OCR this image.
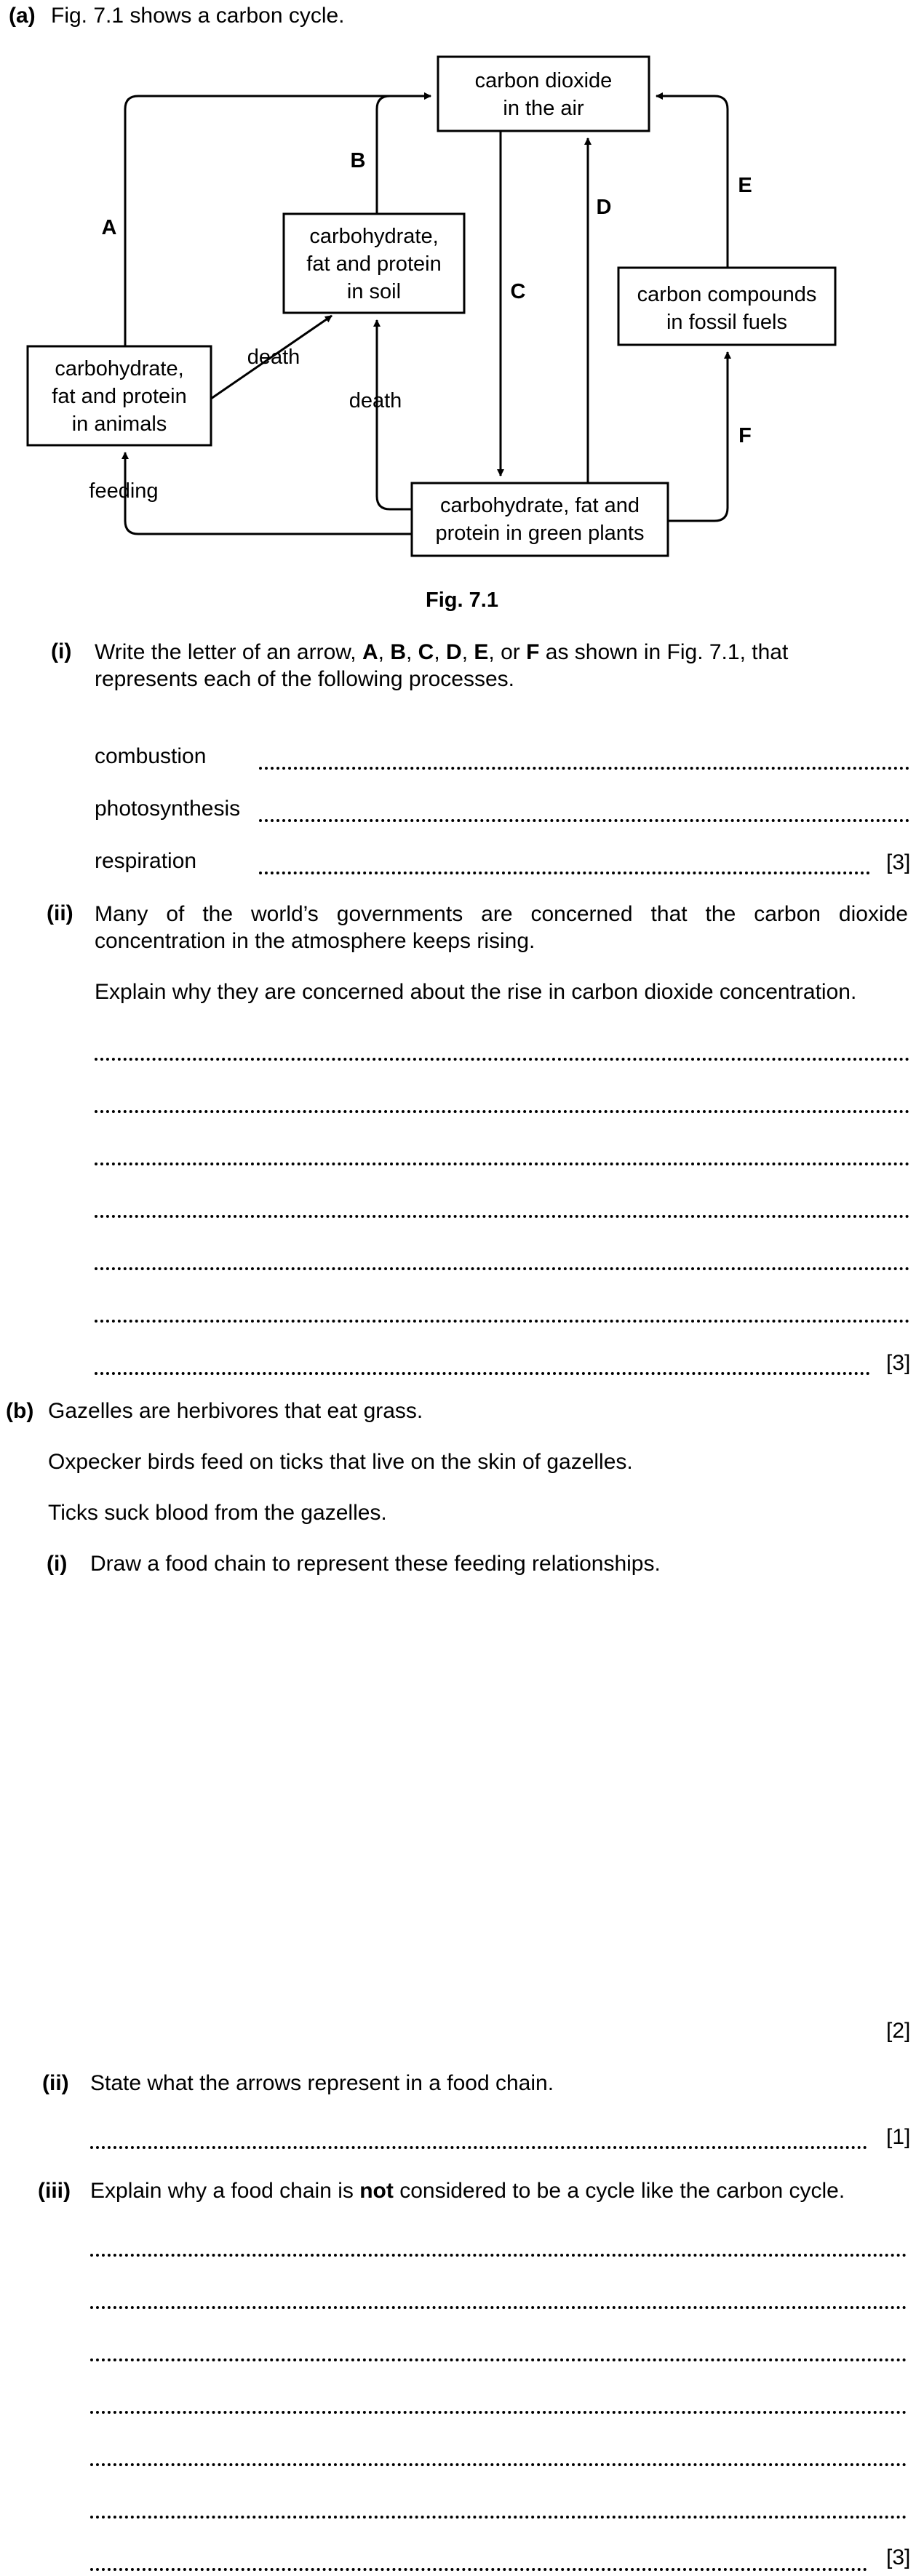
(a) Fig. 7.1 shows a carbon cycle.
carbon dioxide in the air
carbohydrate, fat and protein in soil
carbohydrate, fat and protein in animals
carbon compounds in fossil fuels
carbohydrate, fat and protein in green plants
A
B
C
D
E
F
death
death
feeding
Fig. 7.1
(i) Write the letter of an arrow, A, B, C, D, E, or F as shown in Fig. 7.1, that
represents each of the following processes.
combustion
photosynthesis
respiration	[3]
(ii) Many of the world’s governments are concerned that the carbon dioxide
concentration in the atmosphere keeps rising.
Explain why they are concerned about the rise in carbon dioxide concentration.
[3]
(b) Gazelles are herbivores that eat grass.
Oxpecker birds feed on ticks that live on the skin of gazelles.
Ticks suck blood from the gazelles.
(i) Draw a food chain to represent these feeding relationships.
[2]
(ii) State what the arrows represent in a food chain.
[1]
(iii) Explain why a food chain is not considered to be a cycle like the carbon cycle.
[3]
